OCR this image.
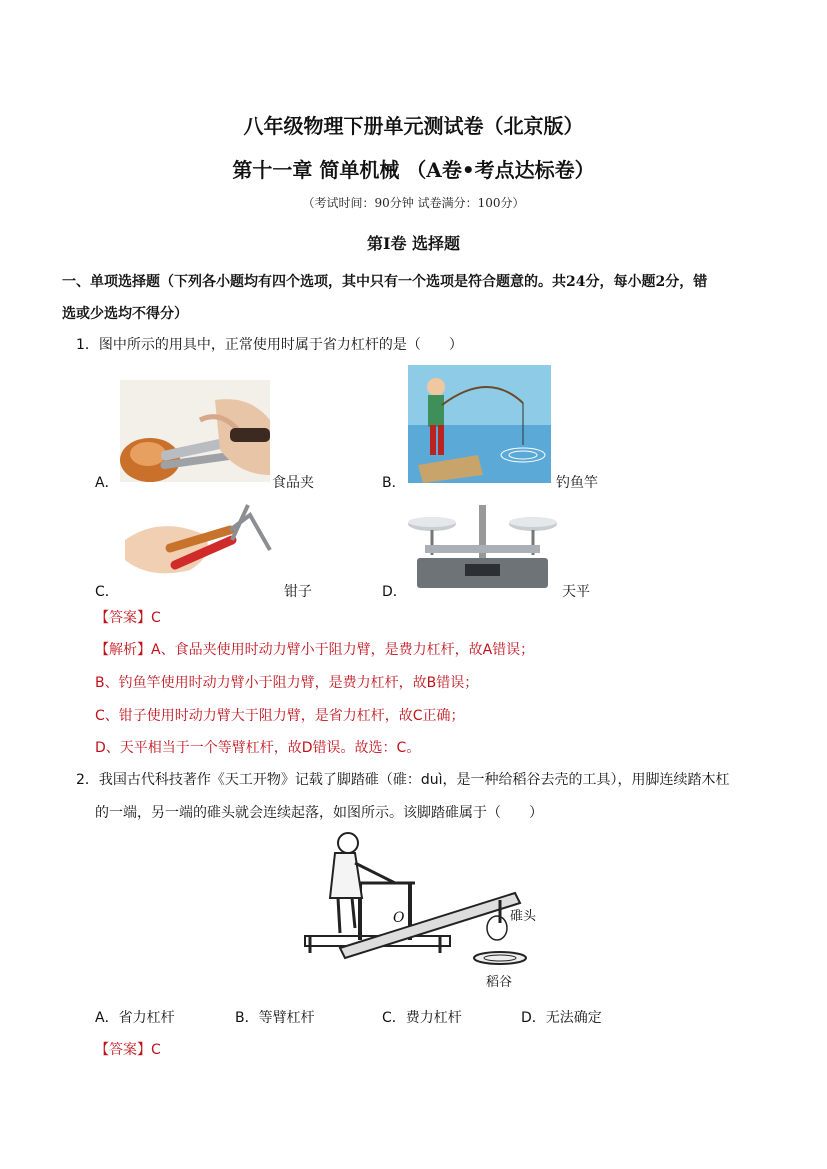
八年级物理下册单元测试卷（北京版）
第十一章 简单机械 （A卷•考点达标卷）
（考试时间：90分钟 试卷满分：100分）
第Ⅰ卷 选择题
一、单项选择题（下列各小题均有四个选项，其中只有一个选项是符合题意的。共24分，每小题2分，错
选或少选均不得分）
1．图中所示的用具中，正常使用时属于省力杠杆的是（　　）
A．	食品夹	B．	钓鱼竿
C．	钳子	D．	天平
【答案】C
【解析】A、食品夹使用时动力臂小于阻力臂，是费力杠杆，故A错误；
B、钓鱼竿使用时动力臂小于阻力臂，是费力杠杆，故B错误；
C、钳子使用时动力臂大于阻力臂，是省力杠杆，故C正确；
D、天平相当于一个等臂杠杆，故D错误。故选：C。
2．我国古代科技著作《天工开物》记载了脚踏碓（碓：duì，是一种给稻谷去壳的工具），用脚连续踏木杠
的一端，另一端的碓头就会连续起落，如图所示。该脚踏碓属于（　　）
O	碓头
稻谷
A．省力杠杆	B．等臂杠杆	C．费力杠杆	D．无法确定
【答案】C
